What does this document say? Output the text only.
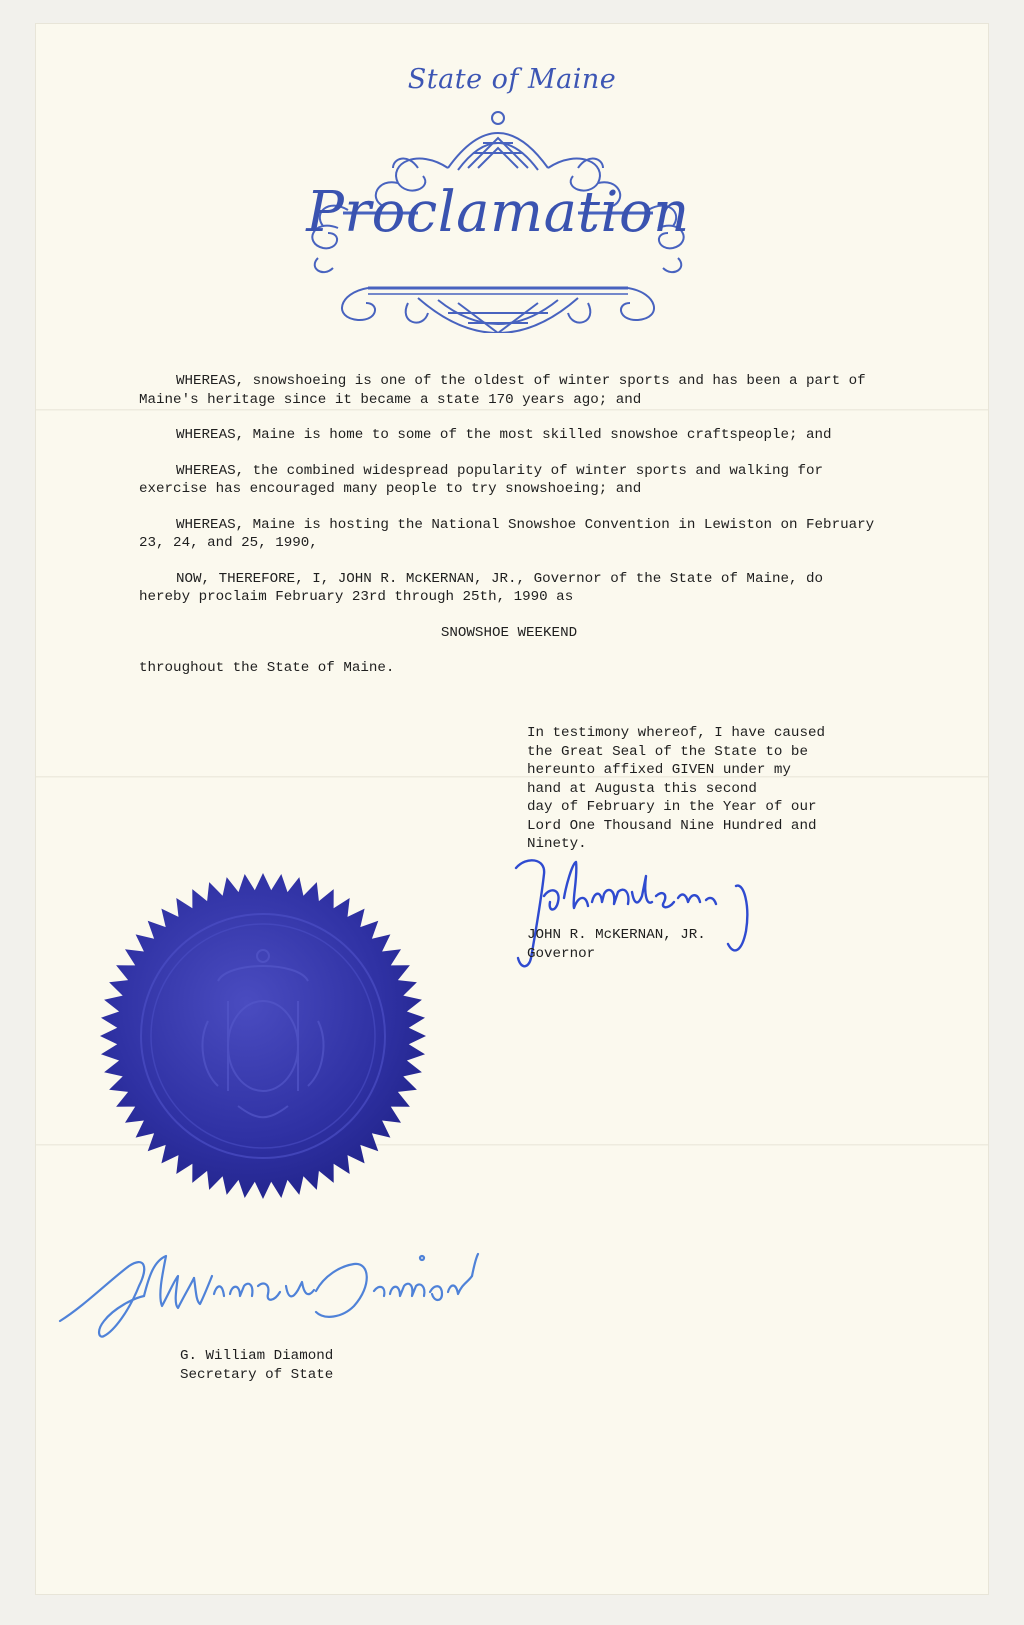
State of Maine
Proclamation

WHEREAS, snowshoeing is one of the oldest of winter sports and has been a part of Maine's heritage since it became a state 170 years ago; and

WHEREAS, Maine is home to some of the most skilled snowshoe craftspeople; and

WHEREAS, the combined widespread popularity of winter sports and walking for exercise has encouraged many people to try snowshoeing; and

WHEREAS, Maine is hosting the National Snowshoe Convention in Lewiston on February 23, 24, and 25, 1990,

NOW, THEREFORE, I, JOHN R. McKERNAN, JR., Governor of the State of Maine, do hereby proclaim February 23rd through 25th, 1990 as

SNOWSHOE WEEKEND

throughout the State of Maine.

In testimony whereof, I have caused
the Great Seal of the State to be
hereunto affixed GIVEN under my
hand at Augusta this second
day of February in the Year of our
Lord One Thousand Nine Hundred and
Ninety.
JOHN R. McKERNAN, JR.
Governor
G. William Diamond
Secretary of State
